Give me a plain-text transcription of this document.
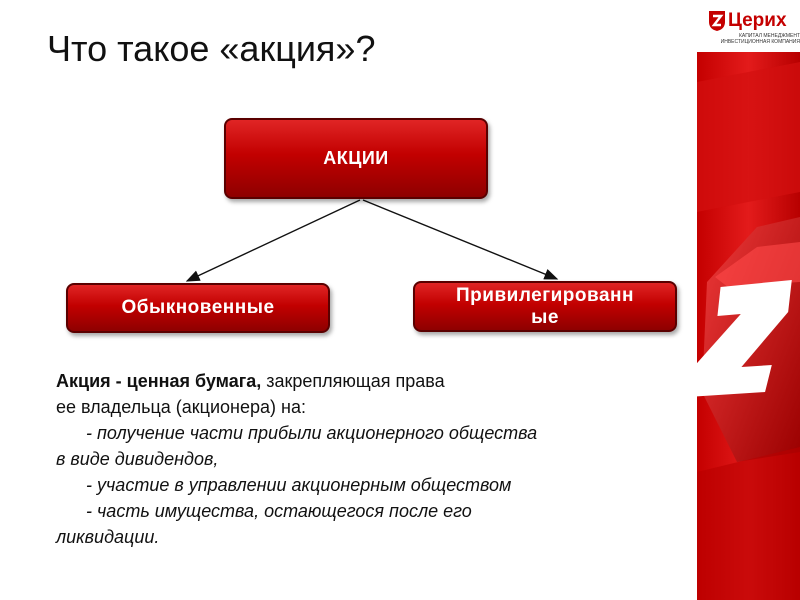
Что такое «акция»?
Церих
КАПИТАЛ МЕНЕДЖМЕНТ
ИНВЕСТИЦИОННАЯ КОМПАНИЯ
АКЦИИ
Обыкновенные
Привилегированн
ые

Акция - ценная бумага, закрепляющая права

ее владельца (акционера) на:

- получение части прибыли акционерного общества

в виде дивидендов,

- участие в управлении акционерным обществом

- часть имущества, остающегося после его

ликвидации.
